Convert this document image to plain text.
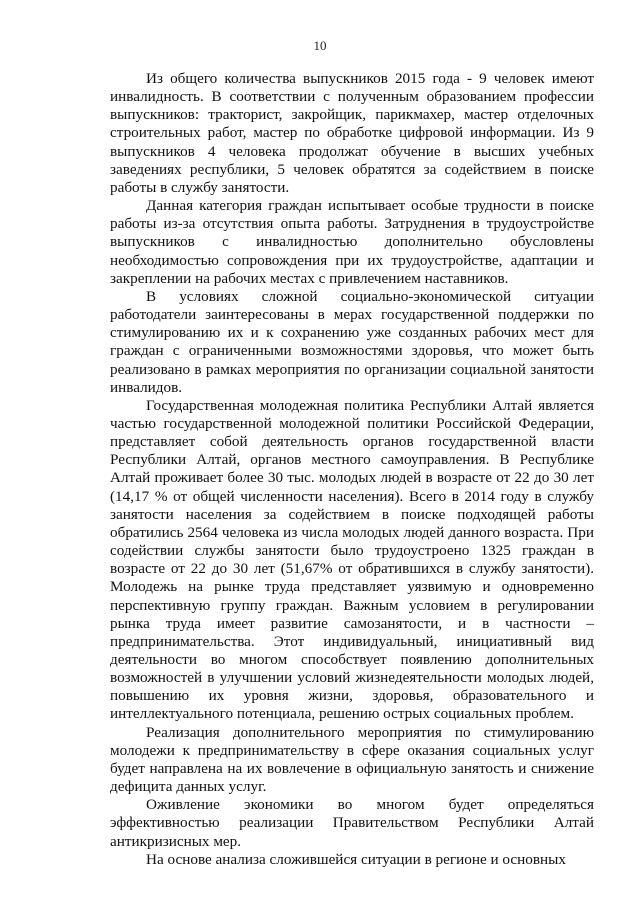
10

Из общего количества выпускников 2015 года - 9 человек имеют инвалидность. В соответствии с полученным образованием профессии выпускников: тракторист, закройщик, парикмахер, мастер отделочных строительных работ, мастер по обработке цифровой информации. Из 9 выпускников 4 человека продолжат обучение в высших учебных заведениях республики, 5 человек обратятся за содействием в поиске работы в службу занятости.

Данная категория граждан испытывает особые трудности в поиске работы из-за отсутствия опыта работы. Затруднения в трудоустройстве выпускников с инвалидностью дополнительно обусловлены необходимостью сопровождения при их трудоустройстве, адаптации и закреплении на рабочих местах с привлечением наставников.

В условиях сложной социально-экономической ситуации работодатели заинтересованы в мерах государственной поддержки по стимулированию их и к сохранению уже созданных рабочих мест для граждан с ограниченными возможностями здоровья, что может быть реализовано в рамках мероприятия по организации социальной занятости инвалидов.

Государственная молодежная политика Республики Алтай является частью государственной молодежной политики Российской Федерации, представляет собой деятельность органов государственной власти Республики Алтай, органов местного самоуправления. В Республике Алтай проживает более 30 тыс. молодых людей в возрасте от 22 до 30 лет (14,17 % от общей численности населения). Всего в 2014 году в службу занятости населения за содействием в поиске подходящей работы обратились 2564 человека из числа молодых людей данного возраста. При содействии службы занятости было трудоустроено 1325 граждан в возрасте от 22 до 30 лет (51,67% от обратившихся в службу занятости). Молодежь на рынке труда представляет уязвимую и одновременно перспективную группу граждан. Важным условием в регулировании рынка труда имеет развитие самозанятости, и в частности – предпринимательства. Этот индивидуальный, инициативный вид деятельности во многом способствует появлению дополнительных возможностей в улучшении условий жизнедеятельности молодых людей, повышению их уровня жизни, здоровья, образовательного и интеллектуального потенциала, решению острых социальных проблем.

Реализация дополнительного мероприятия по стимулированию молодежи к предпринимательству в сфере оказания социальных услуг будет направлена на их вовлечение в официальную занятость и снижение дефицита данных услуг.

Оживление экономики во многом будет определяться эффективностью реализации Правительством Республики Алтай антикризисных мер.

На основе анализа сложившейся ситуации в регионе и основных
